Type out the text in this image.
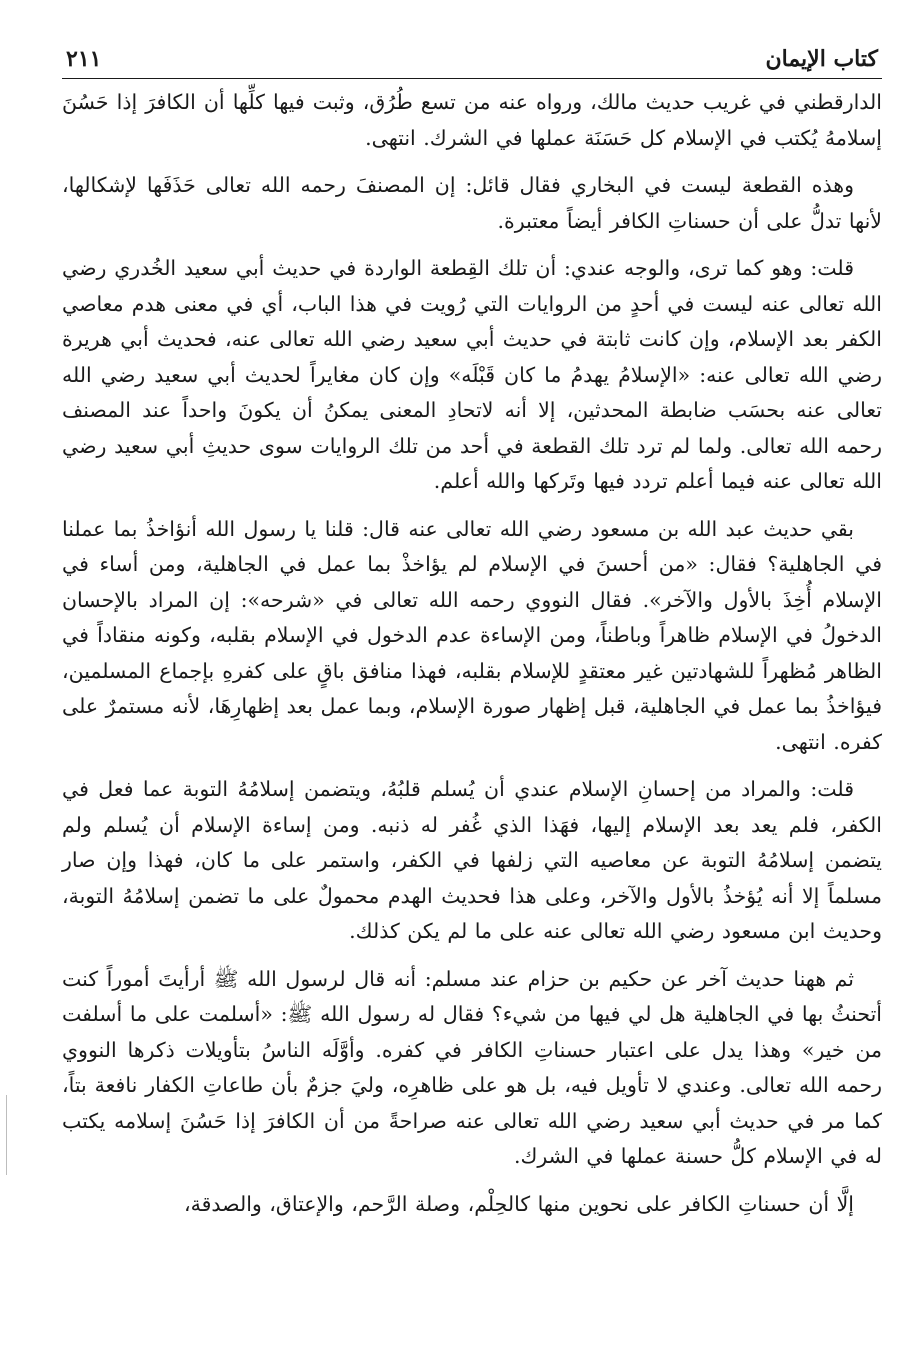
كتاب الإيمان
٢١١

الدارقطني في غريب حديث مالك، ورواه عنه من تسع طُرُق، وثبت فيها كلِّها أن الكافرَ إذا حَسُنَ إسلامهُ يُكتب في الإسلام كل حَسَنَة عملها في الشرك. انتهى.

وهذه القطعة ليست في البخاري فقال قائل: إن المصنفَ رحمه الله تعالى حَذَفَها لإشكالها، لأنها تدلُّ على أن حسناتِ الكافر أيضاً معتبرة.

قلت: وهو كما ترى، والوجه عندي: أن تلك القِطعة الواردة في حديث أبي سعيد الخُدري رضي الله تعالى عنه ليست في أحدٍ من الروايات التي رُويت في هذا الباب، أي في معنى هدم معاصي الكفر بعد الإسلام، وإن كانت ثابتة في حديث أبي سعيد رضي الله تعالى عنه، فحديث أبي هريرة رضي الله تعالى عنه: «الإسلامُ يهدمُ ما كان قَبْلَه» وإن كان مغايراً لحديث أبي سعيد رضي الله تعالى عنه بحسَب ضابطة المحدثين، إلا أنه لاتحادِ المعنى يمكنُ أن يكونَ واحداً عند المصنف رحمه الله تعالى. ولما لم ترد تلك القطعة في أحد من تلك الروايات سوى حديثِ أبي سعيد رضي الله تعالى عنه فيما أعلم تردد فيها وتَركها والله أعلم.

بقي حديث عبد الله بن مسعود رضي الله تعالى عنه قال: قلنا يا رسول الله أنؤاخذُ بما عملنا في الجاهلية؟ فقال: «من أحسنَ في الإسلام لم يؤاخذْ بما عمل في الجاهلية، ومن أساء في الإسلام أُخِذَ بالأول والآخر». فقال النووي رحمه الله تعالى في «شرحه»: إن المراد بالإحسان الدخولُ في الإسلام ظاهراً وباطناً، ومن الإساءة عدم الدخول في الإسلام بقلبه، وكونه منقاداً في الظاهر مُظهراً للشهادتين غير معتقدٍ للإسلام بقلبه، فهذا منافق باقٍ على كفرهِ بإجماع المسلمين، فيؤاخذُ بما عمل في الجاهلية، قبل إظهار صورة الإسلام، وبما عمل بعد إظهارِهَا، لأنه مستمرٌ على كفره. انتهى.

قلت: والمراد من إحسانِ الإسلام عندي أن يُسلم قلبُهُ، ويتضمن إسلامُهُ التوبة عما فعل في الكفر، فلم يعد بعد الإسلام إليها، فهَذا الذي غُفر له ذنبه. ومن إساءة الإسلام أن يُسلم ولم يتضمن إسلامُهُ التوبة عن معاصيه التي زلفها في الكفر، واستمر على ما كان، فهذا وإن صار مسلماً إلا أنه يُؤخذُ بالأول والآخر، وعلى هذا فحديث الهدم محمولٌ على ما تضمن إسلامُهُ التوبة، وحديث ابن مسعود رضي الله تعالى عنه على ما لم يكن كذلك.

ثم ههنا حديث آخر عن حكيم بن حزام عند مسلم: أنه قال لرسول الله ﷺ أرأيتَ أموراً كنت أتحنثُ بها في الجاهلية هل لي فيها من شيء؟ فقال له رسول الله ﷺ: «أسلمت على ما أسلفت من خير» وهذا يدل على اعتبار حسناتِ الكافر في كفره. وأوَّلَه الناسُ بتأويلات ذكرها النووي رحمه الله تعالى. وعندي لا تأويل فيه، بل هو على ظاهرِه، وليَ جزمٌ بأن طاعاتِ الكفار نافعة بتاً، كما مر في حديث أبي سعيد رضي الله تعالى عنه صراحةً من أن الكافرَ إذا حَسُنَ إسلامه يكتب له في الإسلام كلُّ حسنة عملها في الشرك.

إلَّا أن حسناتِ الكافر على نحوين منها كالحِلْم، وصلة الرَّحم، والإعتاق، والصدقة،
